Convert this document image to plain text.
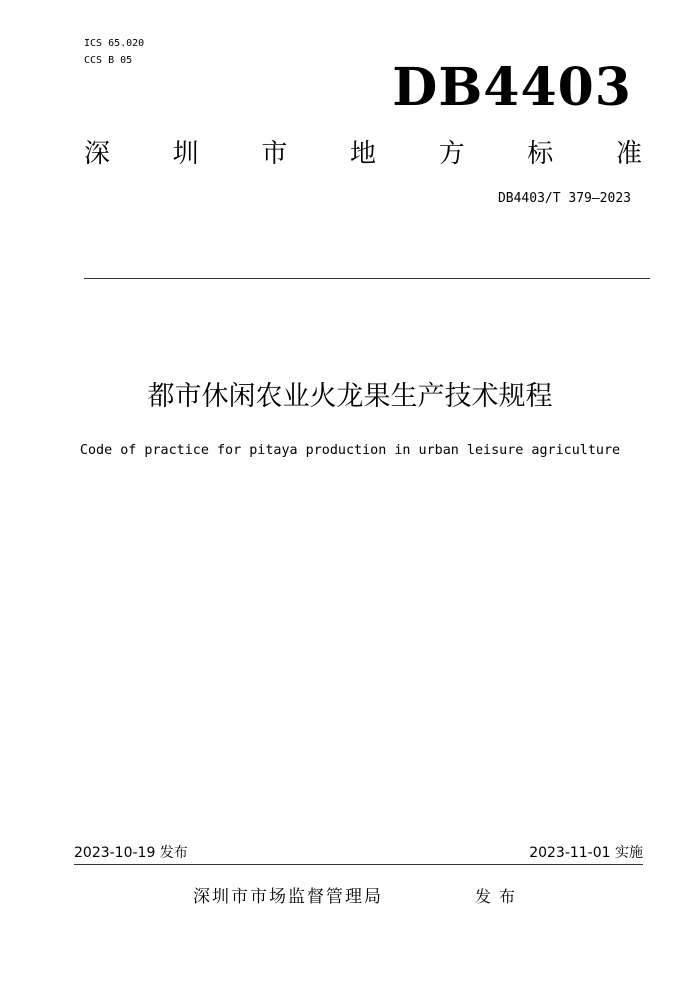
ICS 65.020
CCS B 05	DB4403
深 圳 市 地 方 标 准
DB4403/T 379—2023
都市休闲农业火龙果生产技术规程
Code of practice for pitaya production in urban leisure agriculture
2023-10-19 发布	2023-11-01 实施
深圳市市场监督管理局	发布
